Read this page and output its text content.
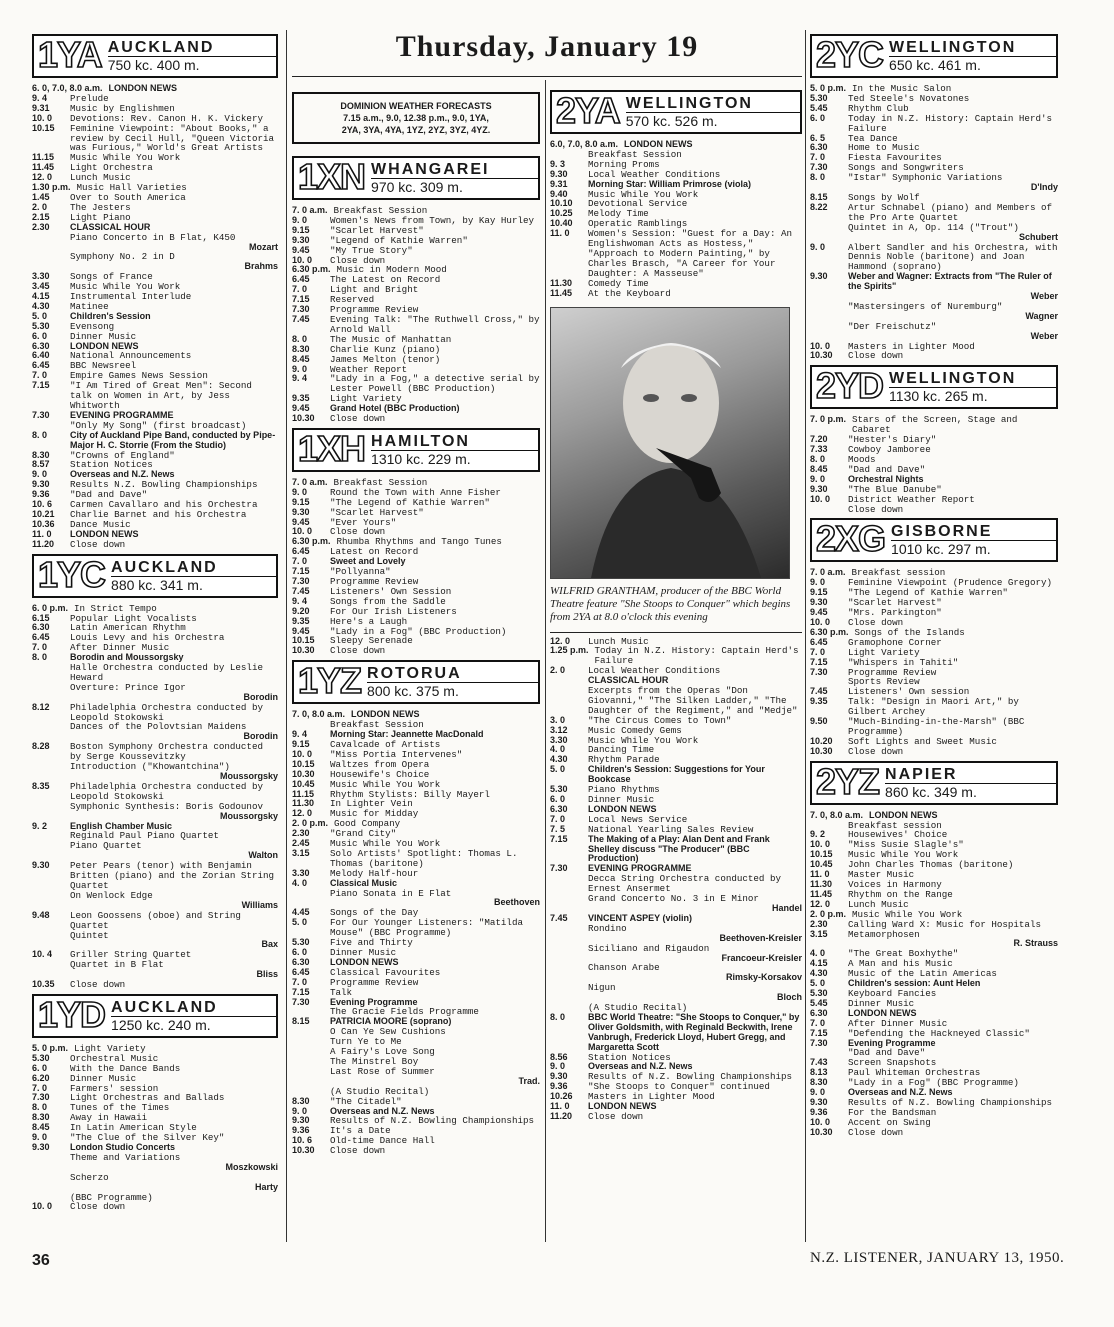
Thursday, January 19
1YA AUCKLAND
750 kc. 400 m.
6. 0, 7.0, 8.0 a.m. LONDON NEWS
9. 4	Prelude
9.31	Music by Englishmen
10. 0	Devotions: Rev. Canon H. K. Vickery
10.15	Feminine Viewpoint: "About Books," a review by Cecil Hull, "Queen Victoria was Furious," World's Great Artists
11.15	Music While You Work
11.45	Light Orchestra
12. 0	Lunch Music
1.30 p.m. Music Hall Varieties
1.45	Over to South America
2. 0	The Jesters
2.15	Light Piano
2.30	CLASSICAL HOUR
Piano Concerto in B Flat, K450
Mozart
Symphony No. 2 in D
Brahms
3.30	Songs of France
3.45	Music While You Work
4.15	Instrumental Interlude
4.30	Matinee
5. 0	Children's Session
5.30	Evensong
6. 0	Dinner Music
6.30	LONDON NEWS
6.40	National Announcements
6.45	BBC Newsreel
7. 0	Empire Games News Session
7.15	"I Am Tired of Great Men": Second talk on Women in Art, by Jess Whitworth
7.30	EVENING PROGRAMME
"Only My Song" (first broadcast)
8. 0	City of Auckland Pipe Band, conducted by Pipe-Major H. C. Storrie (From the Studio)
8.30	"Crowns of England"
8.57	Station Notices
9. 0	Overseas and N.Z. News
9.30	Results N.Z. Bowling Championships
9.36	"Dad and Dave"
10. 6	Carmen Cavallaro and his Orchestra
10.21	Charlie Barnet and his Orchestra
10.36	Dance Music
11. 0	LONDON NEWS
11.20	Close down
1YC AUCKLAND
880 kc. 341 m.
6. 0 p.m. In Strict Tempo
6.15	Popular Light Vocalists
6.30	Latin American Rhythm
6.45	Louis Levy and his Orchestra
7. 0	After Dinner Music
8. 0	Borodin and Moussorgsky
Halle Orchestra conducted by Leslie Heward
Overture: Prince Igor
Borodin
8.12	Philadelphia Orchestra conducted by Leopold Stokowski
Dances of the Polovtsian Maidens
Borodin
8.28	Boston Symphony Orchestra conducted by Serge Koussevitzky
Introduction ("Khowantchina")
Moussorgsky
8.35	Philadelphia Orchestra conducted by Leopold Stokowski
Symphonic Synthesis: Boris Godounov
Moussorgsky
9. 2	English Chamber Music
Reginald Paul Piano Quartet
Piano Quartet
Walton
9.30	Peter Pears (tenor) with Benjamin Britten (piano) and the Zorian String Quartet
On Wenlock Edge
Williams
9.48	Leon Goossens (oboe) and String Quartet
Quintet
Bax
10. 4	Griller String Quartet
Quartet in B Flat
Bliss
10.35	Close down
1YD AUCKLAND
1250 kc. 240 m.
5. 0 p.m. Light Variety
5.30	Orchestral Music
6. 0	With the Dance Bands
6.20	Dinner Music
7. 0	Farmers' session
7.30	Light Orchestras and Ballads
8. 0	Tunes of the Times
8.30	Away in Hawaii
8.45	In Latin American Style
9. 0	"The Clue of the Silver Key"
9.30	London Studio Concerts
Theme and Variations
Moszkowski
Scherzo
Harty
(BBC Programme)
10. 0	Close down
DOMINION WEATHER FORECASTS
7.15 a.m., 9.0, 12.38 p.m., 9.0, 1YA,
2YA, 3YA, 4YA, 1YZ, 2YZ, 3YZ, 4YZ.
1XN WHANGAREI
970 kc. 309 m.
7. 0 a.m. Breakfast Session
9. 0	Women's News from Town, by Kay Hurley
9.15	"Scarlet Harvest"
9.30	"Legend of Kathie Warren"
9.45	"My True Story"
10. 0	Close down
6.30 p.m. Music in Modern Mood
6.45	The Latest on Record
7. 0	Light and Bright
7.15	Reserved
7.30	Programme Review
7.45	Evening Talk: "The Ruthwell Cross," by Arnold Wall
8. 0	The Music of Manhattan
8.30	Charlie Kunz (piano)
8.45	James Melton (tenor)
9. 0	Weather Report
9. 4	"Lady in a Fog," a detective serial by Lester Powell (BBC Production)
9.35	Light Variety
9.45	Grand Hotel (BBC Production)
10.30	Close down
1XH HAMILTON
1310 kc. 229 m.
7. 0 a.m. Breakfast Session
9. 0	Round the Town with Anne Fisher
9.15	"The Legend of Kathie Warren"
9.30	"Scarlet Harvest"
9.45	"Ever Yours"
10. 0	Close down
6.30 p.m. Rhumba Rhythms and Tango Tunes
6.45	Latest on Record
7. 0	Sweet and Lovely
7.15	"Pollyanna"
7.30	Programme Review
7.45	Listeners' Own Session
9. 4	Songs from the Saddle
9.20	For Our Irish Listeners
9.35	Here's a Laugh
9.45	"Lady in a Fog" (BBC Production)
10.15	Sleepy Serenade
10.30	Close down
1YZ ROTORUA
800 kc. 375 m.
7. 0, 8.0 a.m. LONDON NEWS
Breakfast Session
9. 4	Morning Star: Jeannette MacDonald
9.15	Cavalcade of Artists
10. 0	"Miss Portia Intervenes"
10.15	Waltzes from Opera
10.30	Housewife's Choice
10.45	Music While You Work
11.15	Rhythm Stylists: Billy Mayerl
11.30	In Lighter Vein
12. 0	Music for Midday
2. 0 p.m. Good Company
2.30	"Grand City"
2.45	Music While You Work
3.15	Solo Artists' Spotlight: Thomas L. Thomas (baritone)
3.30	Melody Half-hour
4. 0	Classical Music
Piano Sonata in E Flat
Beethoven
4.45	Songs of the Day
5. 0	For Our Younger Listeners: "Matilda Mouse" (BBC Programme)
5.30	Five and Thirty
6. 0	Dinner Music
6.30	LONDON NEWS
6.45	Classical Favourites
7. 0	Programme Review
7.15	Talk
7.30	Evening Programme
The Gracie Fields Programme
8.15	PATRICIA MOORE (soprano)
O Can Ye Sew Cushions
Turn Ye to Me
A Fairy's Love Song
The Minstrel Boy
Last Rose of Summer
Trad.
(A Studio Recital)
8.30	"The Citadel"
9. 0	Overseas and N.Z. News
9.30	Results of N.Z. Bowling Championships
9.36	It's a Date
10. 6	Old-time Dance Hall
10.30	Close down
2YA WELLINGTON
570 kc. 526 m.
6.0, 7.0, 8.0 a.m. LONDON NEWS
Breakfast Session
9. 3	Morning Proms
9.30	Local Weather Conditions
9.31	Morning Star: William Primrose (viola)
9.40	Music While You Work
10.10	Devotional Service
10.25	Melody Time
10.40	Operatic Ramblings
11. 0	Women's Session: "Guest for a Day: An Englishwoman Acts as Hostess," "Approach to Modern Painting," by Charles Brasch, "A Career for Your Daughter: A Masseuse"
11.30	Comedy Time
11.45	At the Keyboard
WILFRID GRANTHAM, producer of the BBC World Theatre feature "She Stoops to Conquer" which begins from 2YA at 8.0 o'clock this evening
12. 0	Lunch Music
1.25 p.m. Today in N.Z. History: Captain Herd's Failure
2. 0	Local Weather Conditions
CLASSICAL HOUR
Excerpts from the Operas "Don Giovanni," "The Silken Ladder," "The Daughter of the Regiment," and "Medje"
3. 0	"The Circus Comes to Town"
3.12	Music Comedy Gems
3.30	Music While You Work
4. 0	Dancing Time
4.30	Rhythm Parade
5. 0	Children's Session: Suggestions for Your Bookcase
5.30	Piano Rhythms
6. 0	Dinner Music
6.30	LONDON NEWS
7. 0	Local News Service
7. 5	National Yearling Sales Review
7.15	The Making of a Play: Alan Dent and Frank Shelley discuss "The Producer" (BBC Production)
7.30	EVENING PROGRAMME
Decca String Orchestra conducted by Ernest Ansermet
Grand Concerto No. 3 in E Minor
Handel
7.45	VINCENT ASPEY (violin)
Rondino
Beethoven-Kreisler
Siciliano and Rigaudon
Francoeur-Kreisler
Chanson Arabe
Rimsky-Korsakov
Nigun
Bloch
(A Studio Recital)
8. 0	BBC World Theatre: "She Stoops to Conquer," by Oliver Goldsmith, with Reginald Beckwith, Irene Vanbrugh, Frederick Lloyd, Hubert Gregg, and Margaretta Scott
8.56	Station Notices
9. 0	Overseas and N.Z. News
9.30	Results of N.Z. Bowling Championships
9.36	"She Stoops to Conquer" continued
10.26	Masters in Lighter Mood
11. 0	LONDON NEWS
11.20	Close down
2YC WELLINGTON
650 kc. 461 m.
5. 0 p.m. In the Music Salon
5.30	Ted Steele's Novatones
5.45	Rhythm Club
6. 0	Today in N.Z. History: Captain Herd's Failure
6. 5	Tea Dance
6.30	Home to Music
7. 0	Fiesta Favourites
7.30	Songs and Songwriters
8. 0	"Istar" Symphonic Variations
D'Indy
8.15	Songs by Wolf
8.22	Artur Schnabel (piano) and Members of the Pro Arte Quartet
Quintet in A, Op. 114 ("Trout")
Schubert
9. 0	Albert Sandler and his Orchestra, with Dennis Noble (baritone) and Joan Hammond (soprano)
9.30	Weber and Wagner: Extracts from "The Ruler of the Spirits"
Weber
"Mastersingers of Nuremburg"
Wagner
"Der Freischutz"
Weber
10. 0	Masters in Lighter Mood
10.30	Close down
2YD WELLINGTON
1130 kc. 265 m.
7. 0 p.m. Stars of the Screen, Stage and Cabaret
7.20	"Hester's Diary"
7.33	Cowboy Jamboree
8. 0	Moods
8.45	"Dad and Dave"
9. 0	Orchestral Nights
9.30	"The Blue Danube"
10. 0	District Weather Report
Close down
2XG GISBORNE
1010 kc. 297 m.
7. 0 a.m. Breakfast session
9. 0	Feminine Viewpoint (Prudence Gregory)
9.15	"The Legend of Kathie Warren"
9.30	"Scarlet Harvest"
9.45	"Mrs. Parkington"
10. 0	Close down
6.30 p.m. Songs of the Islands
6.45	Gramophone Corner
7. 0	Light Variety
7.15	"Whispers in Tahiti"
7.30	Programme Review
Sports Review
7.45	Listeners' Own session
9.35	Talk: "Design in Maori Art," by Gilbert Archey
9.50	"Much-Binding-in-the-Marsh" (BBC Programme)
10.20	Soft Lights and Sweet Music
10.30	Close down
2YZ NAPIER
860 kc. 349 m.
7. 0, 8.0 a.m. LONDON NEWS
Breakfast session
9. 2	Housewives' Choice
10. 0	"Miss Susie Slagle's"
10.15	Music While You Work
10.45	John Charles Thomas (baritone)
11. 0	Master Music
11.30	Voices in Harmony
11.45	Rhythm on the Range
12. 0	Lunch Music
2. 0 p.m. Music While You Work
2.30	Calling Ward X: Music for Hospitals
3.15	Metamorphosen
R. Strauss
4. 0	"The Great Boxhythe"
4.15	A Man and his Music
4.30	Music of the Latin Americas
5. 0	Children's session: Aunt Helen
5.30	Keyboard Fancies
5.45	Dinner Music
6.30	LONDON NEWS
7. 0	After Dinner Music
7.15	"Defending the Hackneyed Classic"
7.30	Evening Programme
"Dad and Dave"
7.43	Screen Snapshots
8.13	Paul Whiteman Orchestras
8.30	"Lady in a Fog" (BBC Programme)
9. 0	Overseas and N.Z. News
9.30	Results of N.Z. Bowling Championships
9.36	For the Bandsman
10. 0	Accent on Swing
10.30	Close down
36	N.Z. LISTENER, JANUARY 13, 1950.
